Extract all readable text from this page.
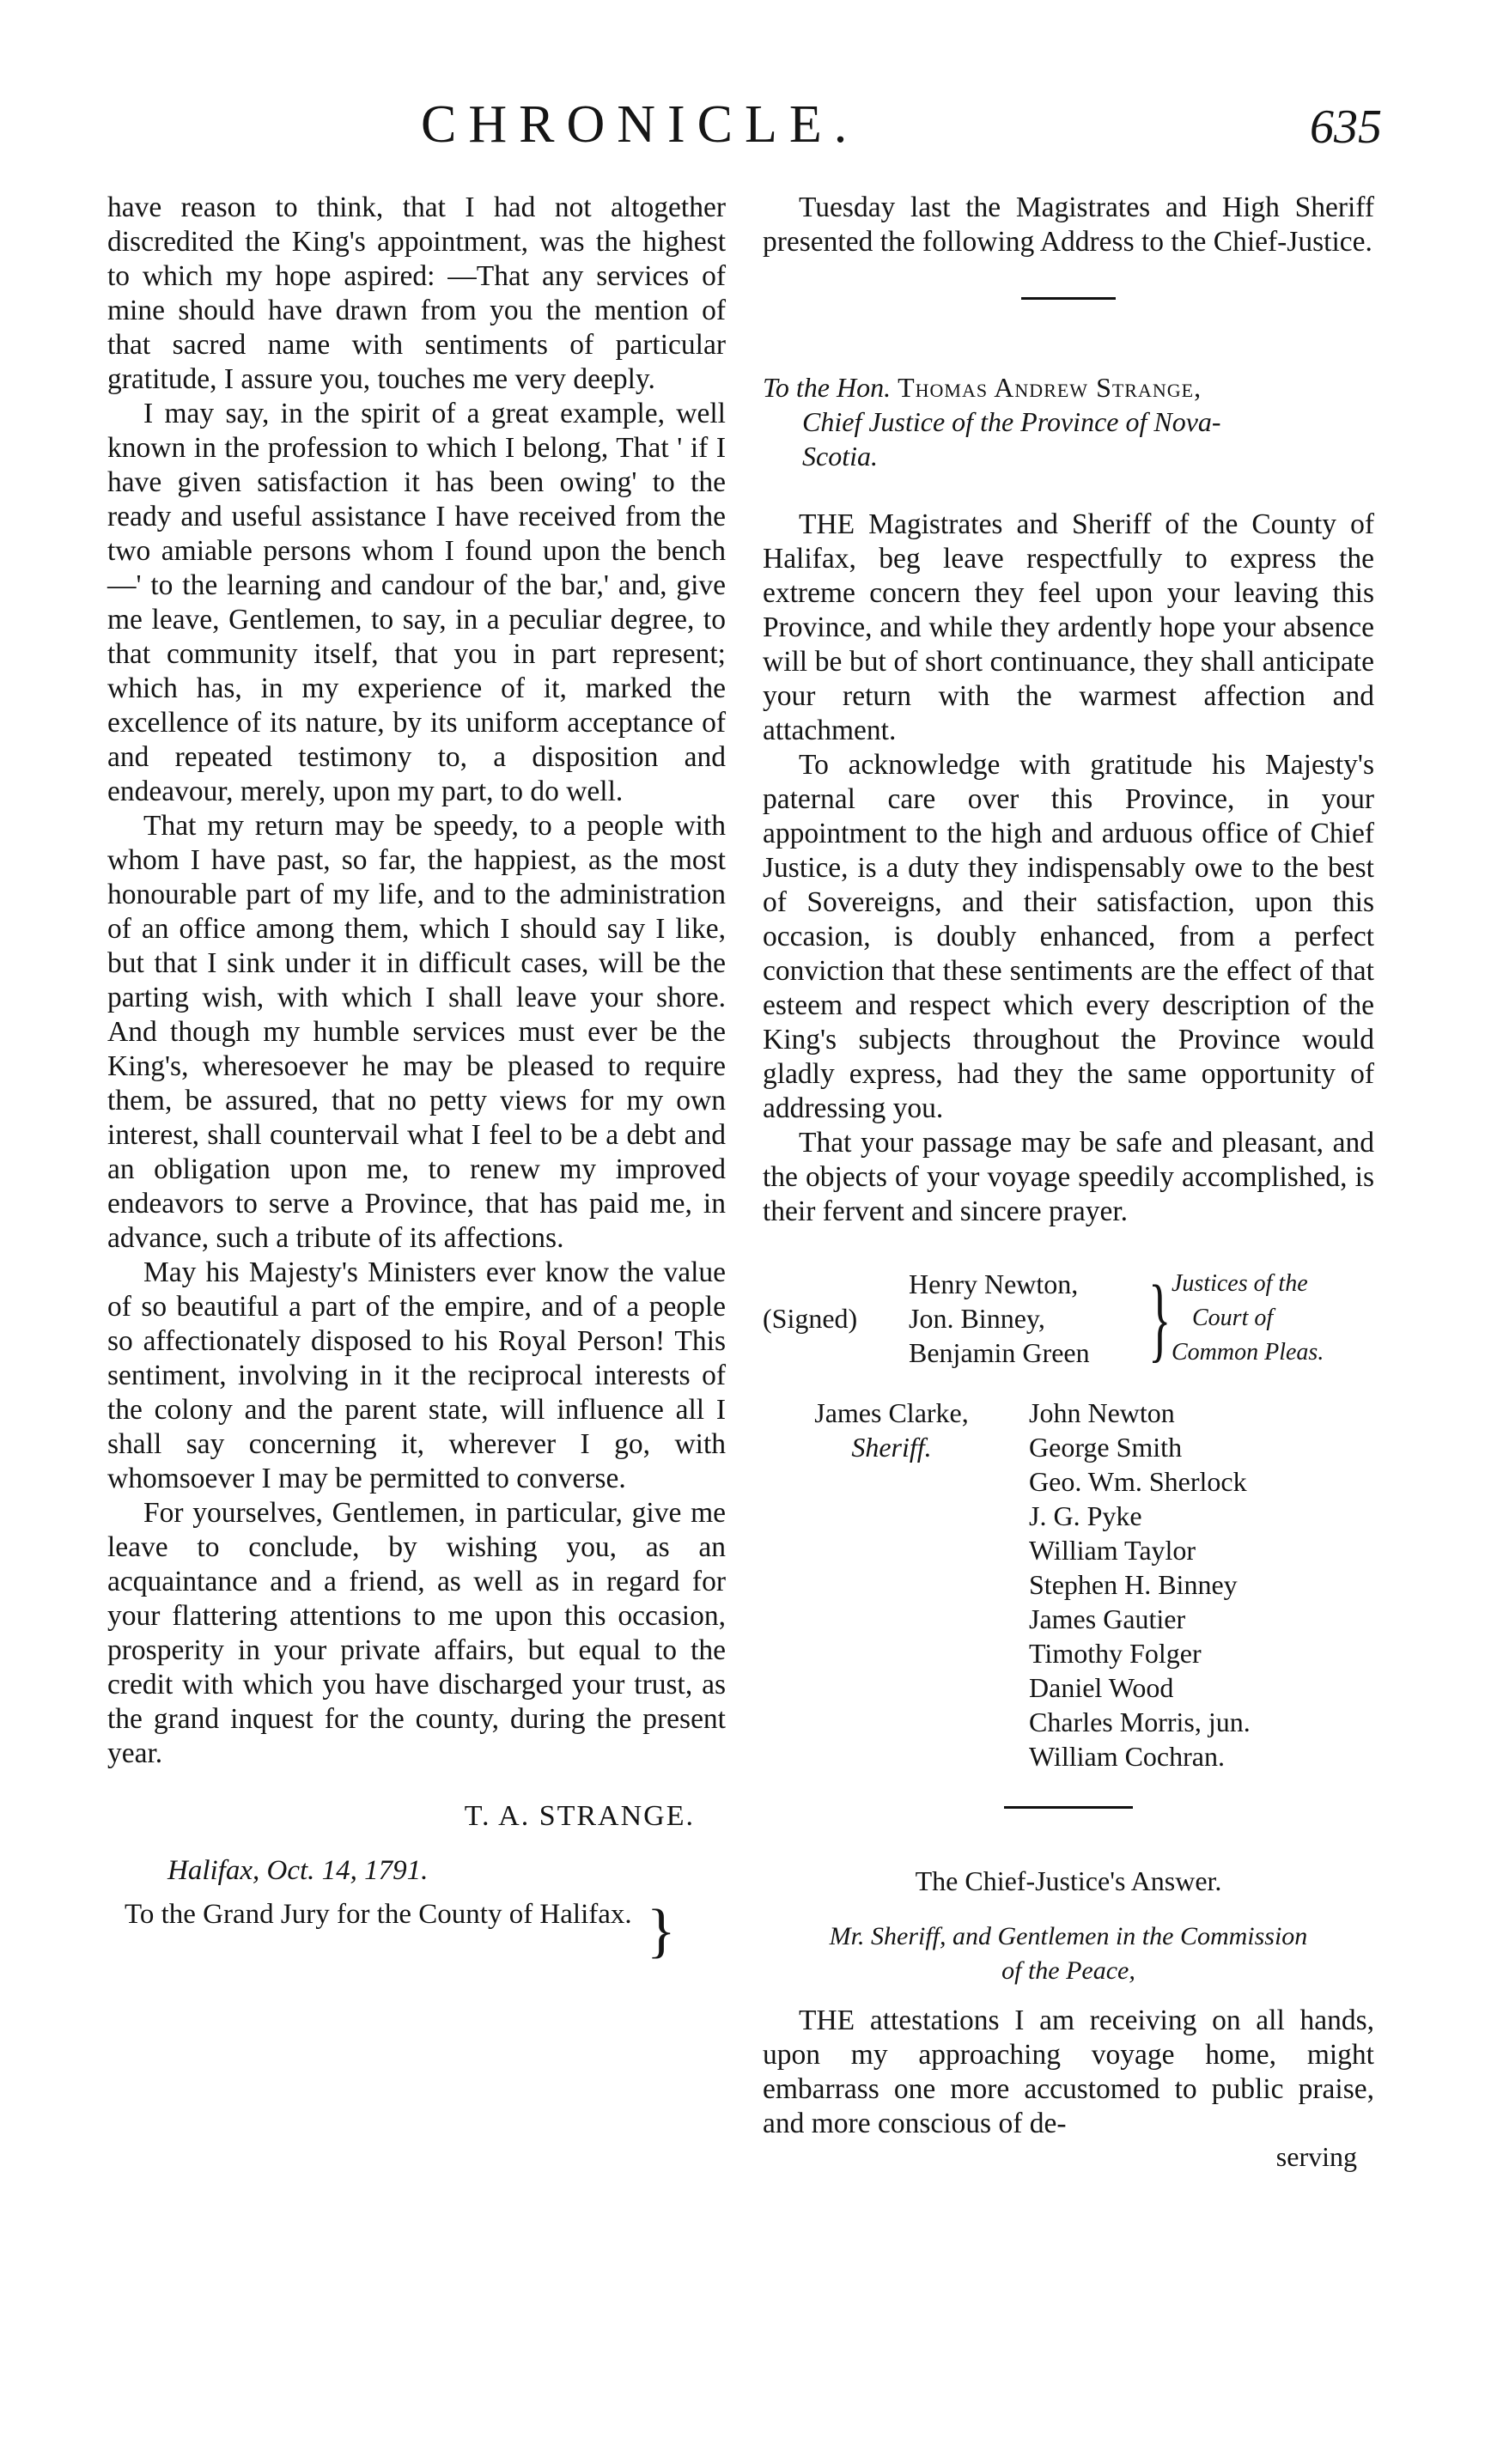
CHRONICLE.	635

have reason to think, that I had not altogether discredited the King's appointment, was the highest to which my hope aspired: —That any services of mine should have drawn from you the mention of that sacred name with sentiments of particular gratitude, I assure you, touches me very deeply.

I may say, in the spirit of a great example, well known in the profession to which I belong, That ' if I have given satisfaction it has been owing' to the ready and useful assistance I have received from the two amiable persons whom I found upon the bench—' to the learning and candour of the bar,' and, give me leave, Gentlemen, to say, in a peculiar degree, to that community itself, that you in part represent; which has, in my experience of it, marked the excellence of its nature, by its uniform acceptance of and repeated testimony to, a disposition and endeavour, merely, upon my part, to do well.

That my return may be speedy, to a people with whom I have past, so far, the happiest, as the most honourable part of my life, and to the administration of an office among them, which I should say I like, but that I sink under it in difficult cases, will be the parting wish, with which I shall leave your shore. And though my humble services must ever be the King's, wheresoever he may be pleased to require them, be assured, that no petty views for my own interest, shall countervail what I feel to be a debt and an obligation upon me, to renew my improved endeavors to serve a Province, that has paid me, in advance, such a tribute of its affections.

May his Majesty's Ministers ever know the value of so beautiful a part of the empire, and of a people so affectionately disposed to his Royal Person! This sentiment, involving in it the reciprocal interests of the colony and the parent state, will influence all I shall say concerning it, wherever I go, with whomsoever I may be permitted to converse.

For yourselves, Gentlemen, in particular, give me leave to conclude, by wishing you, as an acquaintance and a friend, as well as in regard for your flattering attentions to me upon this occasion, prosperity in your private affairs, but equal to the credit with which you have discharged your trust, as the grand inquest for the county, during the present year.

T. A. STRANGE.
Halifax, Oct. 14, 1791.
To the Grand Jury for the County of Halifax. }

Tuesday last the Magistrates and High Sheriff presented the following Address to the Chief-Justice.

To the Hon. Thomas Andrew Strange,
Chief Justice of the Province of Nova-
Scotia.

THE Magistrates and Sheriff of the County of Halifax, beg leave respectfully to express the extreme concern they feel upon your leaving this Province, and while they ardently hope your absence will be but of short continuance, they shall anticipate your return with the warmest affection and attachment.

To acknowledge with gratitude his Majesty's paternal care over this Province, in your appointment to the high and arduous office of Chief Justice, is a duty they indispensably owe to the best of Sovereigns, and their satisfaction, upon this occasion, is doubly enhanced, from a perfect conviction that these sentiments are the effect of that esteem and respect which every description of the King's subjects throughout the Province would gladly express, had they the same opportunity of addressing you.

That your passage may be safe and pleasant, and the objects of your voyage speedily accomplished, is their fervent and sincere prayer.

(Signed)
Henry Newton,
Jon. Binney,
Benjamin Green } Justices of the
Court of
Common Pleas.
James Clarke,
Sheriff.
John Newton
George Smith
Geo. Wm. Sherlock
J. G. Pyke
William Taylor
Stephen H. Binney
James Gautier
Timothy Folger
Daniel Wood
Charles Morris, jun.
William Cochran.
The Chief-Justice's Answer.
Mr. Sheriff, and Gentlemen in the Commission
of the Peace,

THE attestations I am receiving on all hands, upon my approaching voyage home, might embarrass one more accustomed to public praise, and more conscious of de-

serving
